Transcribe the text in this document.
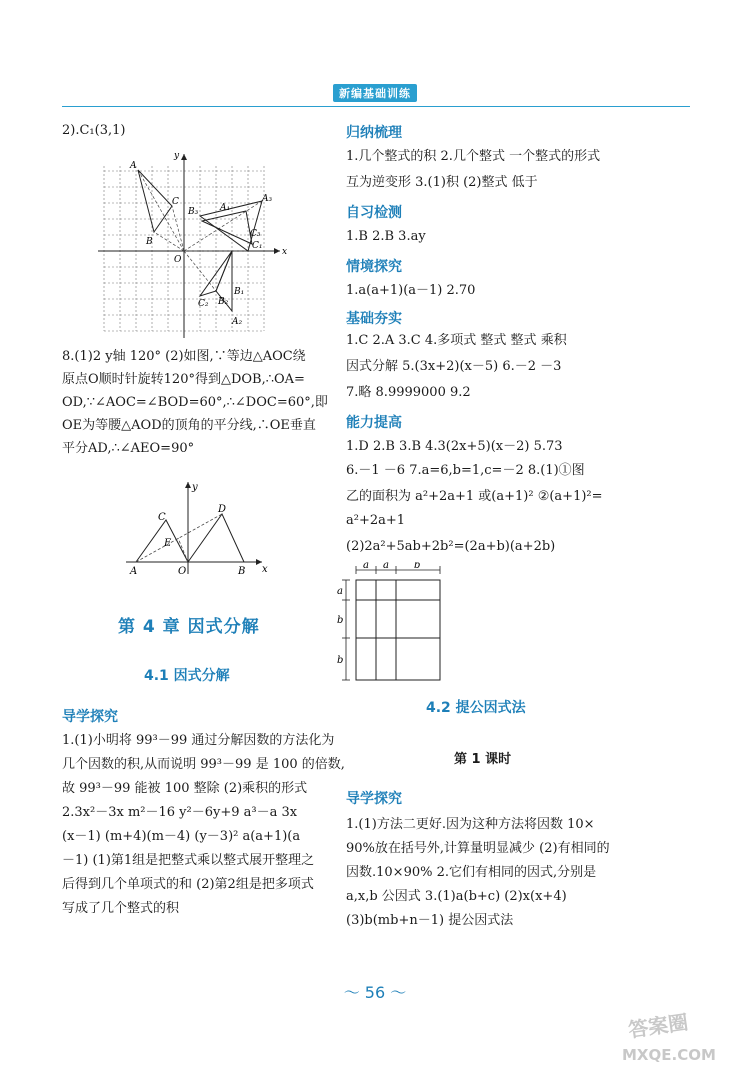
新编基础训练
2).C₁(3,1)
A
B
C
B₃
A₃
A₁
C₃
C₁
B₁
C₂ B₂
A₂
O
x
y
8.(1)2 y轴 120° (2)如图,∵等边△AOC绕
原点O顺时针旋转120°得到△DOB,∴OA=
OD,∵∠AOC=∠BOD=60°,∴∠DOC=60°,即
OE为等腰△AOD的顶角的平分线,∴OE垂直
平分AD,∴∠AEO=90°
A	B
C
D
E
O	x
y
第 4 章 因式分解
4.1 因式分解
导学探究
1.(1)小明将 99³－99 通过分解因数的方法化为
几个因数的积,从而说明 99³－99 是 100 的倍数,
故 99³－99 能被 100 整除 (2)乘积的形式
2.3x²－3x m²－16 y²－6y+9 a³－a 3x
(x－1) (m+4)(m－4) (y－3)² a(a+1)(a
－1) (1)第1组是把整式乘以整式展开整理之
后得到几个单项式的和 (2)第2组是把多项式
写成了几个整式的积
归纳梳理
1.几个整式的积 2.几个整式 一个整式的形式
互为逆变形 3.(1)积 (2)整式 低于
自习检测
1.B 2.B 3.ay
情境探究
1.a(a+1)(a－1) 2.70
基础夯实
1.C 2.A 3.C 4.多项式 整式 整式 乘积
因式分解 5.(3x+2)(x－5) 6.－2 －3
7.略 8.9999000 9.2
能力提高
1.D 2.B 3.B 4.3(2x+5)(x－2) 5.73
6.－1 －6 7.a=6,b=1,c=－2 8.(1)①图
乙的面积为 a²+2a+1 或(a+1)² ②(a+1)²=
a²+2a+1
(2)2a²+5ab+2b²=(2a+b)(a+2b)
a a	b
a
b
b
4.2 提公因式法
第 1 课时
导学探究
1.(1)方法二更好.因为这种方法将因数 10×
90%放在括号外,计算量明显减少 (2)有相同的
因数.10×90% 2.它们有相同的因式,分别是
a,x,b 公因式 3.(1)a(b+c) (2)x(x+4)
(3)b(mb+n－1) 提公因式法
～ 56 ～
答案圈
MXQE.COM
